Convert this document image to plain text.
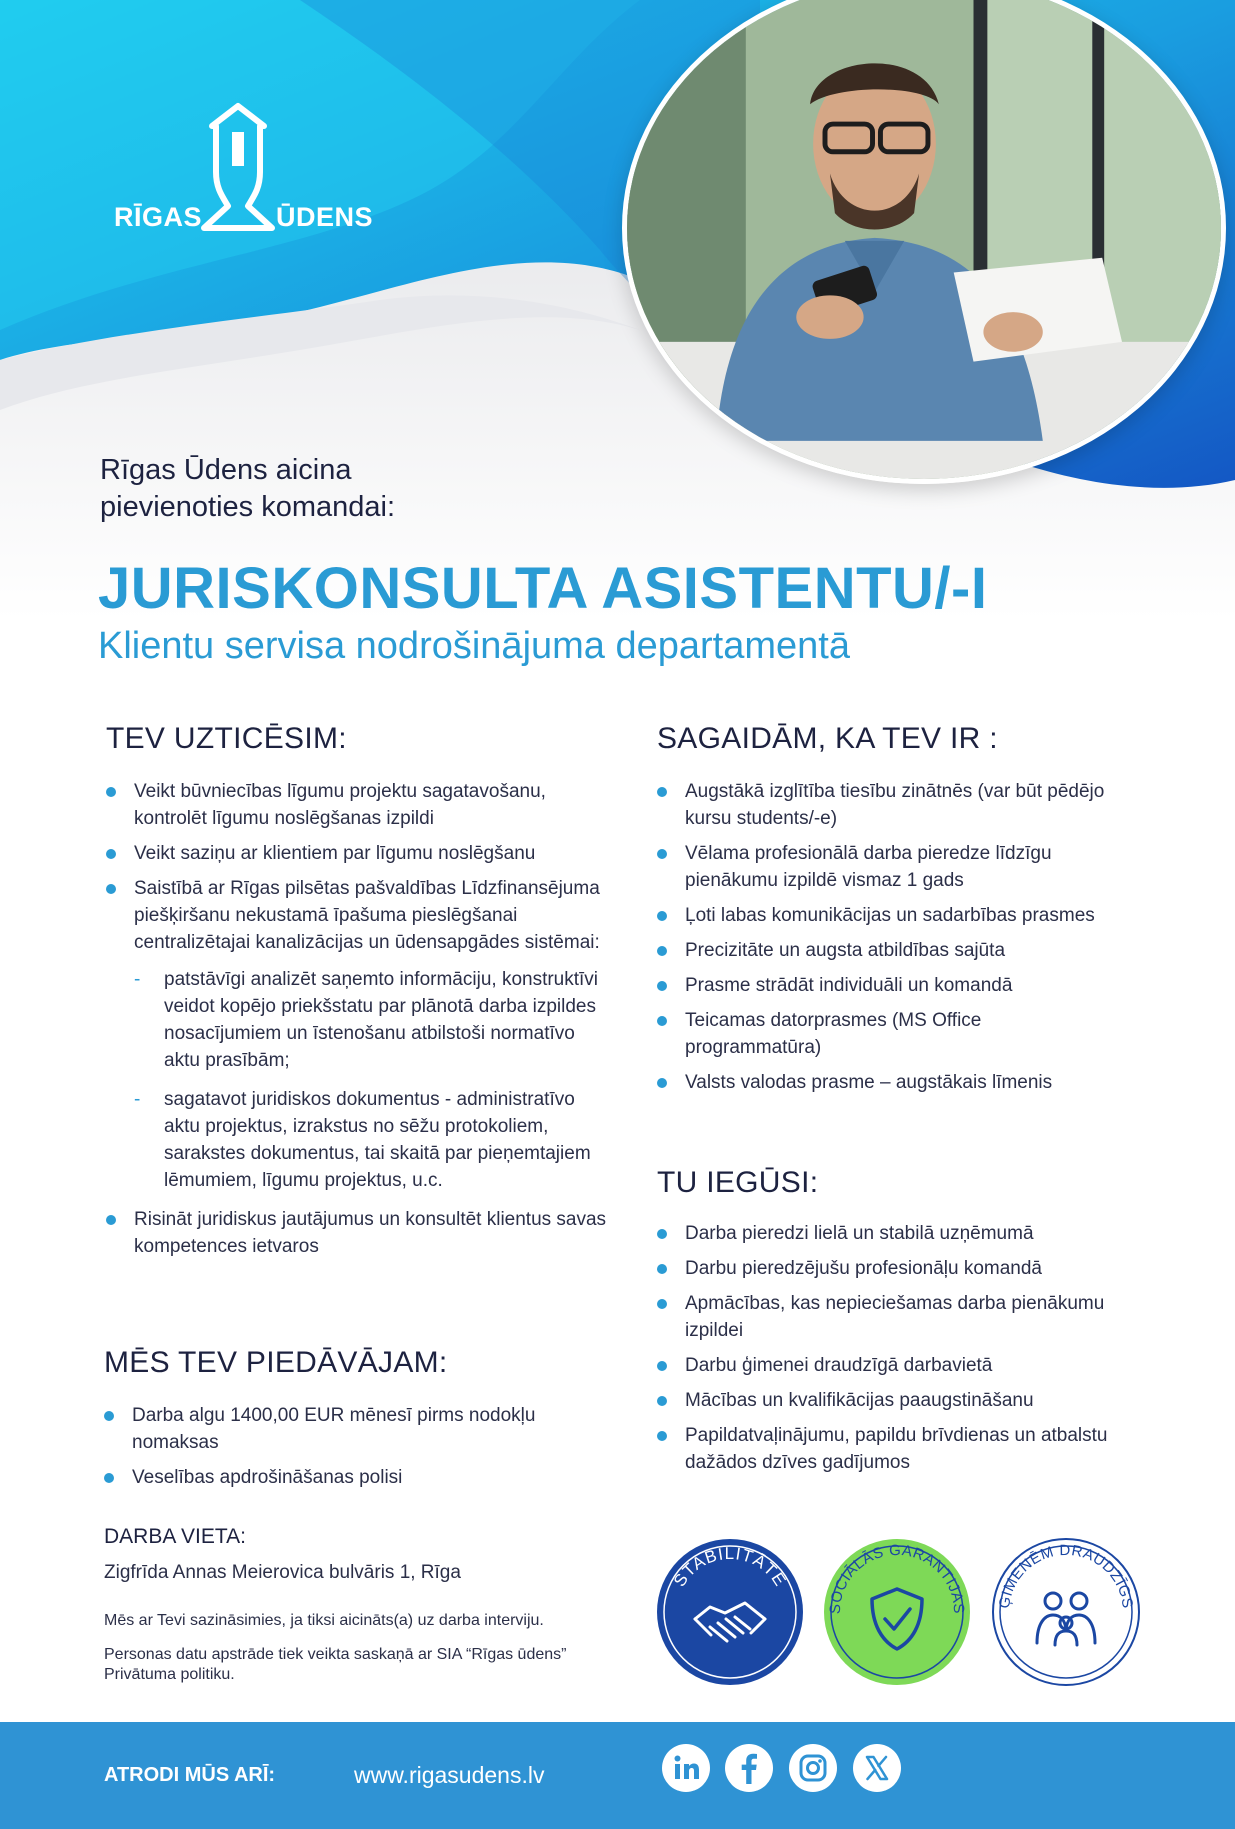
RĪGAS	ŪDENS
Rīgas Ūdens aicina
pievienoties komandai:
JURISKONSULTA ASISTENTU/-I
Klientu servisa nodrošinājuma departamentā
TEV UZTICĒSIM:
Veikt būvniecības līgumu projektu sagatavošanu, kontrolēt līgumu noslēgšanas izpildi
Veikt saziņu ar klientiem par līgumu noslēgšanu
Saistībā ar Rīgas pilsētas pašvaldības Līdzfinansējuma piešķiršanu nekustamā īpašuma pieslēgšanai centralizētajai kanalizācijas un ūdensapgādes sistēmai:
- patstāvīgi analizēt saņemto informāciju, konstruktīvi veidot kopējo priekšstatu par plānotā darba izpildes nosacījumiem un īstenošanu atbilstoši normatīvo aktu prasībām;
- sagatavot juridiskos dokumentus - administratīvo aktu projektus, izrakstus no sēžu protokoliem, sarakstes dokumentus, tai skaitā par pieņemtajiem lēmumiem, līgumu projektus, u.c.
Risināt juridiskus jautājumus un konsultēt klientus savas kompetences ietvaros
MĒS TEV PIEDĀVĀJAM:
Darba algu 1400,00 EUR mēnesī pirms nodokļu nomaksas
Veselības apdrošināšanas polisi
DARBA VIETA:
Zigfrīda Annas Meierovica bulvāris 1, Rīga
Mēs ar Tevi sazināsimies, ja tiksi aicināts(a) uz darba interviju.
Personas datu apstrāde tiek veikta saskaņā ar SIA “Rīgas ūdens” Privātuma politiku.
SAGAIDĀM, KA TEV IR :
Augstākā izglītība tiesību zinātnēs (var būt pēdējo kursu students/-e)
Vēlama profesionālā darba pieredze līdzīgu pienākumu izpildē vismaz 1 gads
Ļoti labas komunikācijas un sadarbības prasmes
Precizitāte un augsta atbildības sajūta
Prasme strādāt individuāli un komandā
Teicamas datorprasmes (MS Office programmatūra)
Valsts valodas prasme – augstākais līmenis
TU IEGŪSI:
Darba pieredzi lielā un stabilā uzņēmumā
Darbu pieredzējušu profesionāļu komandā
Apmācības, kas nepieciešamas darba pienākumu izpildei
Darbu ģimenei draudzīgā darbavietā
Mācības un kvalifikācijas paaugstināšanu
Papildatvaļinājumu, papildu brīvdienas un atbalstu dažādos dzīves gadījumos
STABILITĀTE
SOCIĀLĀS GARANTIJAS ĢIMENĒM DRAUDZĪGS
ATRODI MŪS ARĪ:	www.rigasudens.lv
